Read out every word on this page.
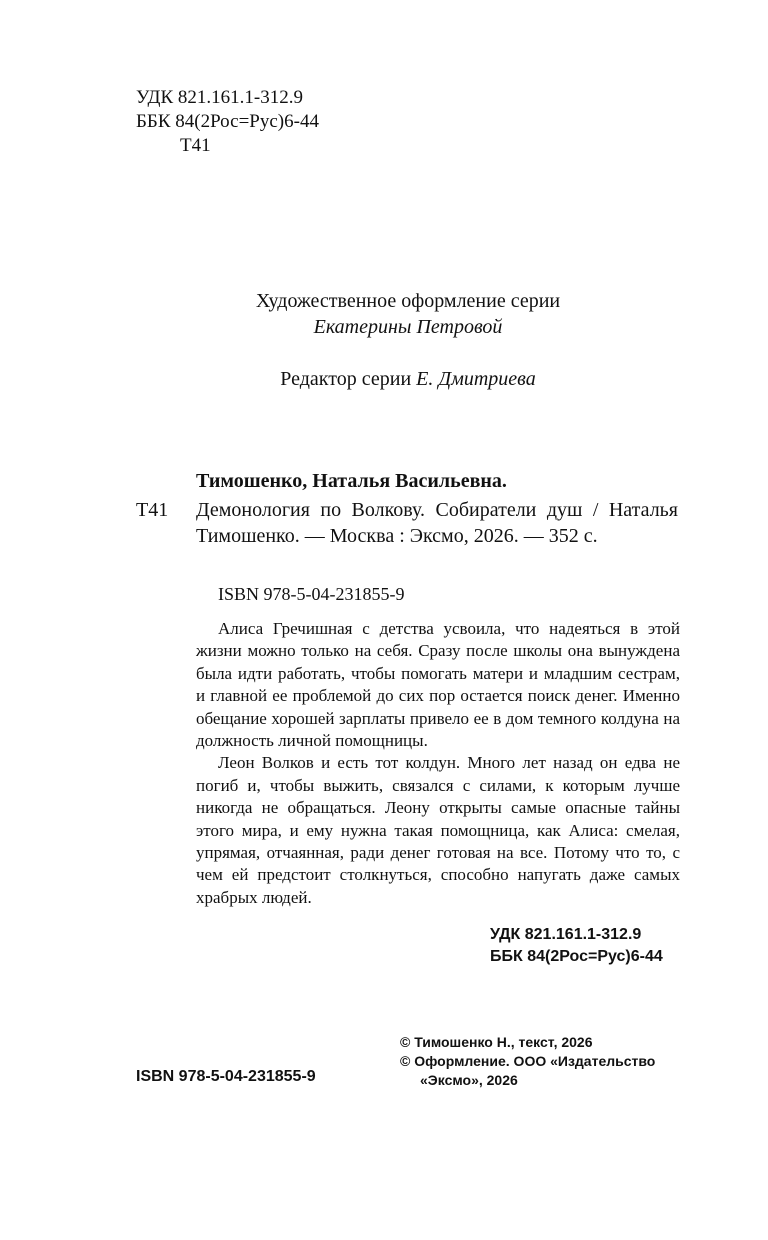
УДК 821.161.1-312.9
ББК 84(2Рос=Рус)6-44
Т41
Художественное оформление серии
Екатерины Петровой
Редактор серии Е. Дмитриева
Тимошенко, Наталья Васильевна.
Т41 Демонология по Волкову. Собиратели душ / Наталья Тимошенко. — Москва : Эксмо, 2026. — 352 с.
ISBN 978-5-04-231855-9

Алиса Гречишная с детства усвоила, что надеяться в этой жизни можно только на себя. Сразу после школы она вынуждена была идти работать, чтобы помогать матери и младшим сестрам, и главной ее проблемой до сих пор остается поиск денег. Именно обещание хорошей зарплаты привело ее в дом темного колдуна на должность личной помощницы.

Леон Волков и есть тот колдун. Много лет назад он едва не погиб и, чтобы выжить, связался с силами, к которым лучше никогда не обращаться. Леону открыты самые опасные тайны этого мира, и ему нужна такая помощница, как Алиса: смелая, упрямая, отчаянная, ради денег готовая на все. Потому что то, с чем ей предстоит столкнуться, способно напугать даже самых храбрых людей.

УДК 821.161.1-312.9
ББК 84(2Рос=Рус)6-44
© Тимошенко Н., текст, 2026
© Оформление. ООО «Издательство «Эксмо», 2026
ISBN 978-5-04-231855-9
